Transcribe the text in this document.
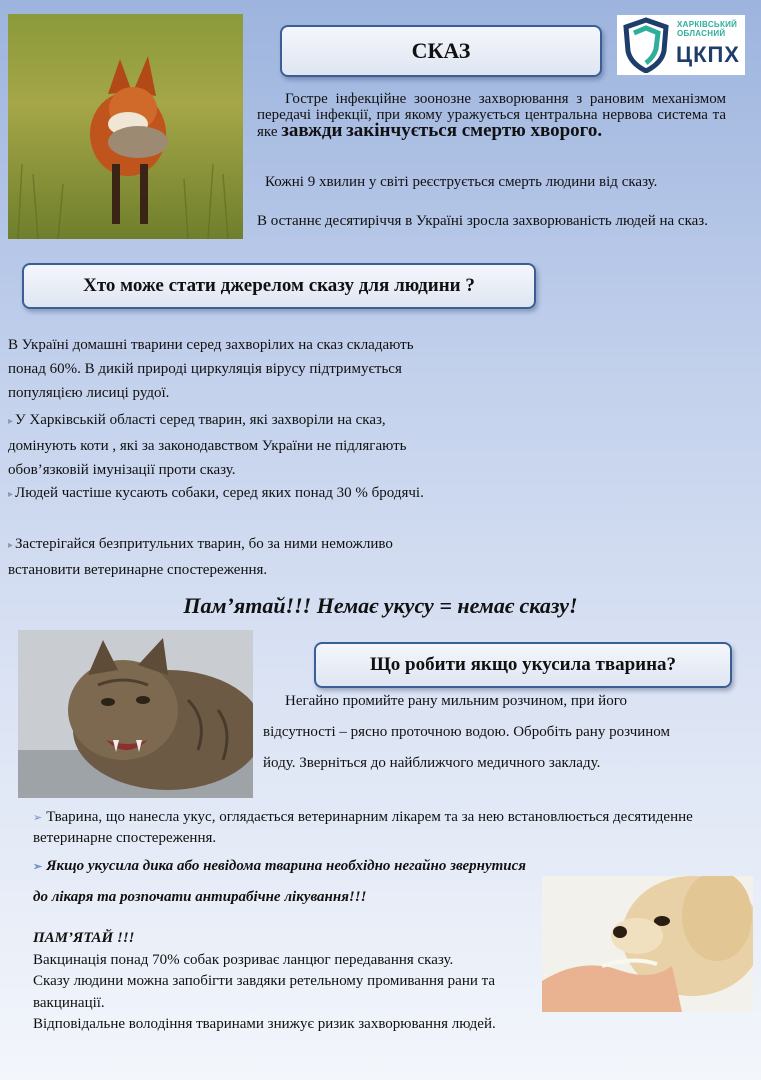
СКАЗ
ХАРКІВСЬКИЙ
ОБЛАСНИЙ
ЦКПХ
Гостре інфекційне зоонозне захворювання з рановим механізмом передачі інфекції, при якому уражується центральна нервова система та яке завжди закінчується смертю хворого.
Кожні 9 хвилин у світі реєструється смерть людини від сказу.
В останнє десятиріччя в Україні зросла захворюваність людей на сказ.
Хто може стати джерелом сказу для людини ?
В Україні домашні тварини серед захворілих на сказ складають понад 60%. В дикій природі циркуляція вірусу підтримується популяцією лисиці рудої.
▸ У Харківській області серед тварин, які захворіли на сказ, домінують коти , які за законодавством України не підлягають обов’язковій імунізації проти сказу.
▸ Людей частіше кусають собаки, серед яких понад 30 % бродячі.
▸ Застерігайся безпритульних тварин, бо за ними неможливо встановити ветеринарне спостереження.
Пам’ятай!!! Немає укусу = немає сказу!
Що робити якщо укусила тварина?
Негайно промийте рану мильним розчином, при його відсутності – рясно проточною водою. Обробіть рану розчином йоду. Зверніться до найближчого медичного закладу.
➢ Тварина, що нанесла укус, оглядається ветеринарним лікарем та за нею встановлюється десятиденне ветеринарне спостереження.
➢ Якщо укусила дика або невідома тварина необхідно негайно звернутися до лікаря та розпочати антирабічне лікування!!!
ПАМ’ЯТАЙ !!!
Вакцинація понад 70% собак розриває ланцюг передавання сказу.
Сказу людини можна запобігти завдяки ретельному промивання рани та вакцинації.
Відповідальне володіння тваринами знижує ризик захворювання людей.
